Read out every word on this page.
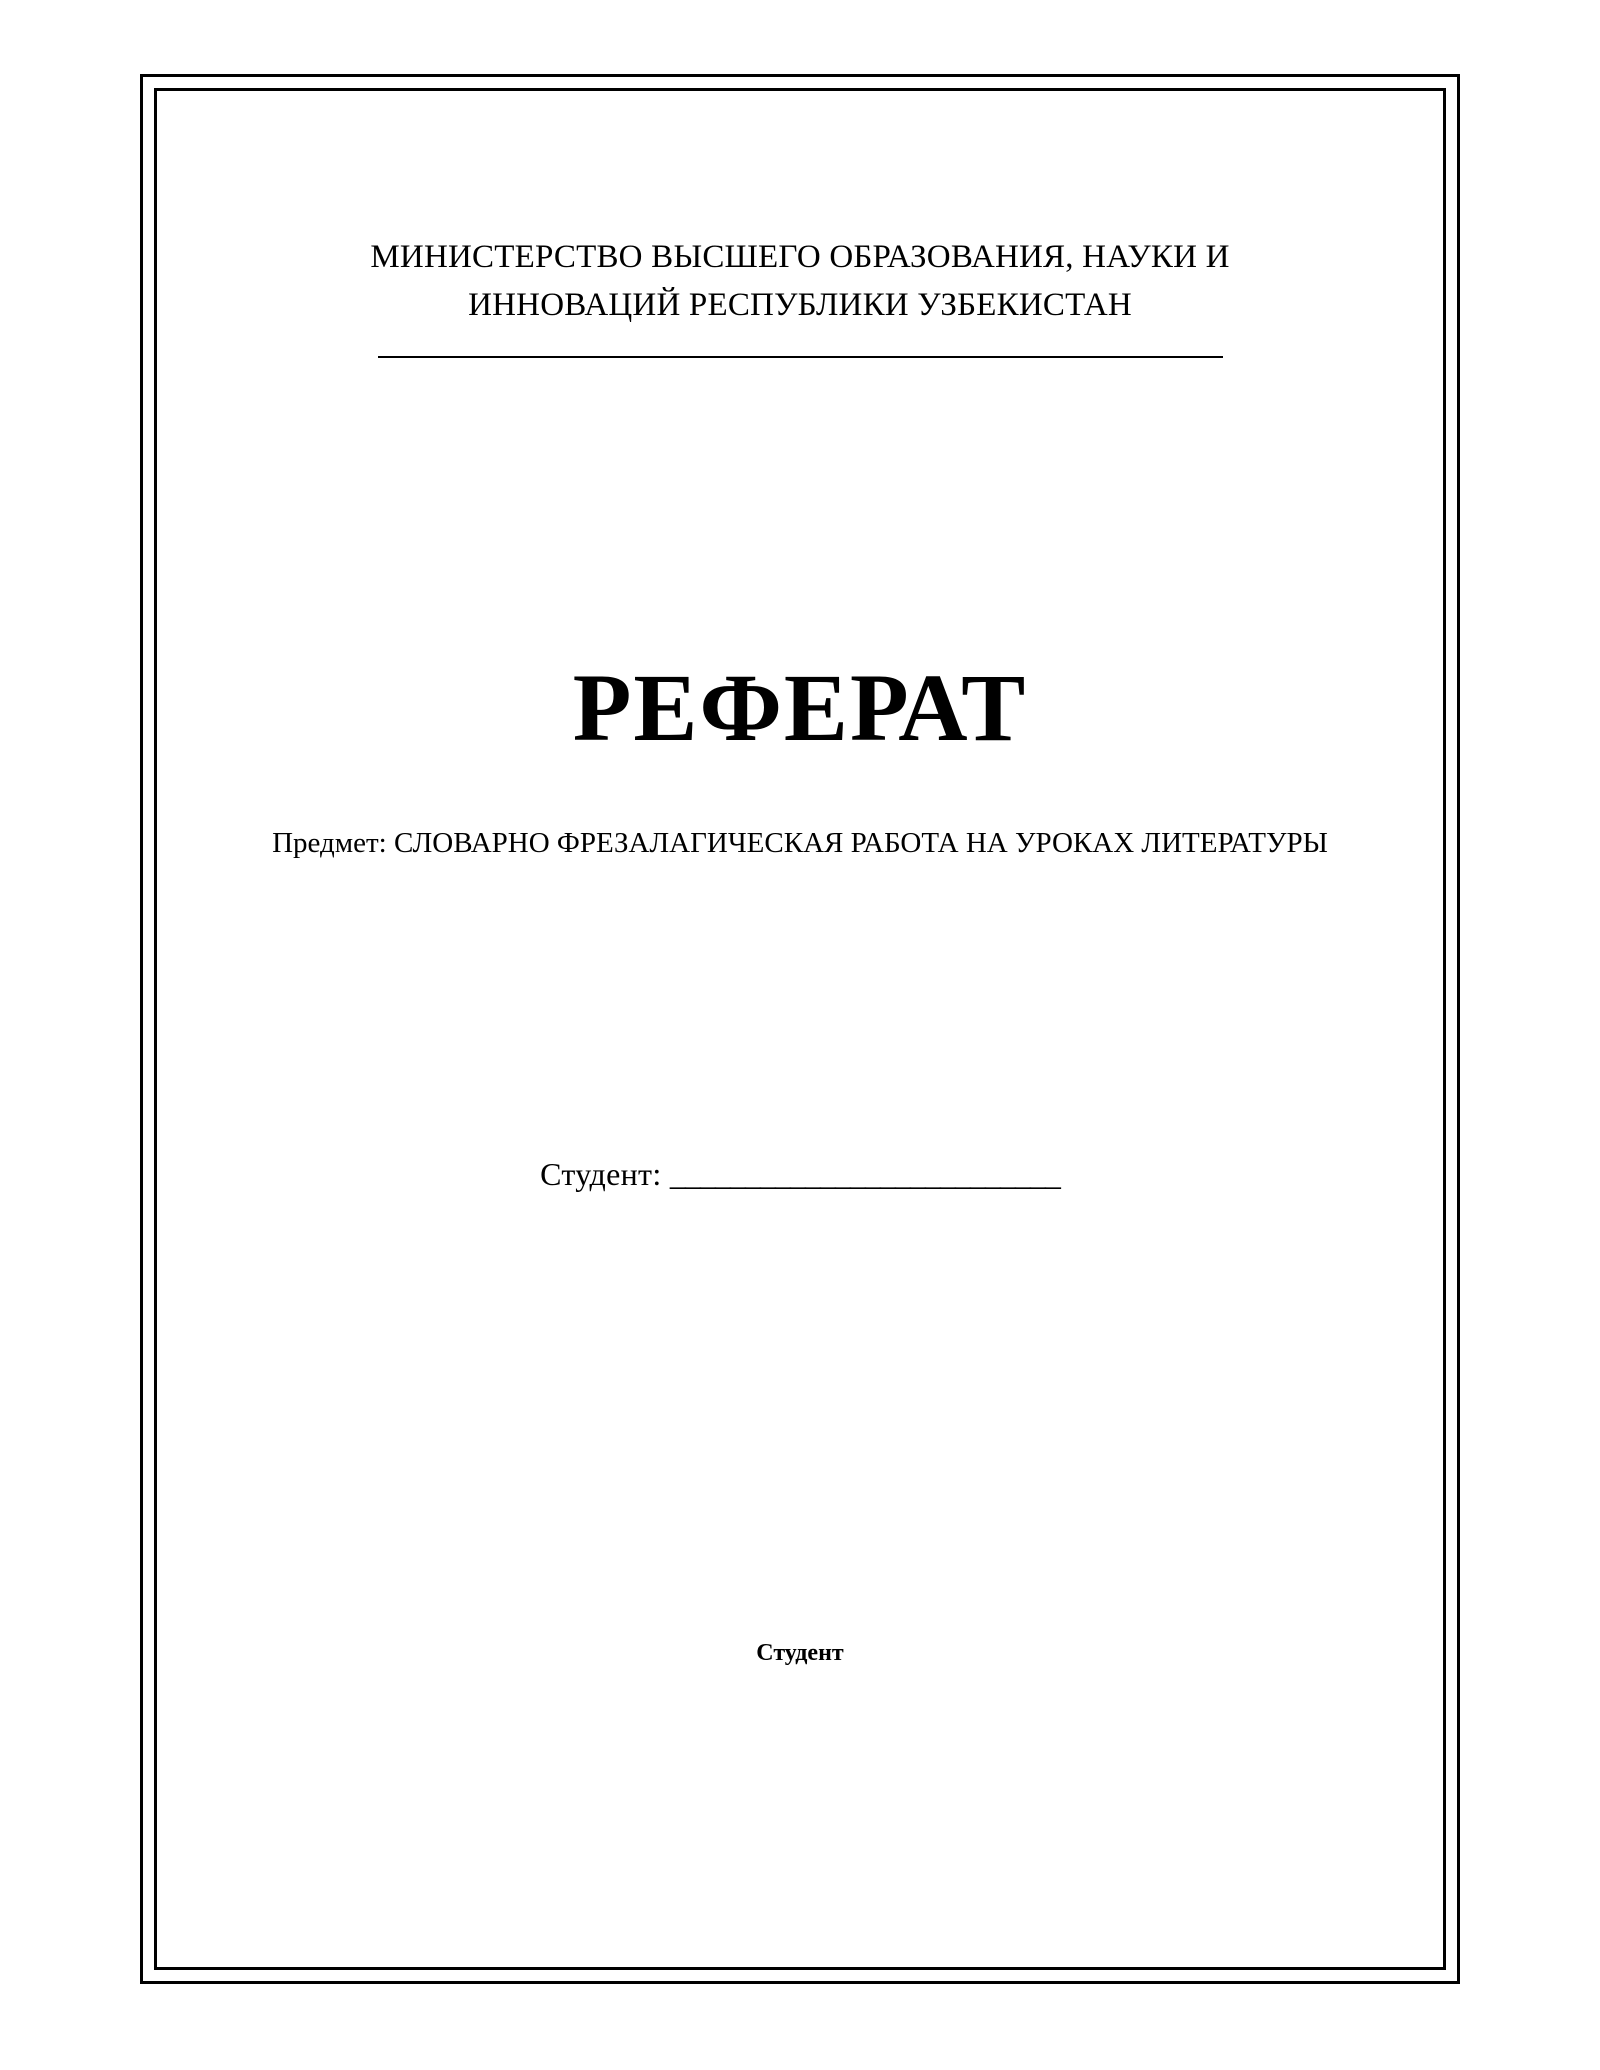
МИНИСТЕРСТВО ВЫСШЕГО ОБРАЗОВАНИЯ, НАУКИ И
ИННОВАЦИЙ РЕСПУБЛИКИ УЗБЕКИСТАН
РЕФЕРАТ
Предмет: СЛОВАРНО ФРЕЗАЛАГИЧЕСКАЯ РАБОТА НА УРОКАХ ЛИТЕРАТУРЫ
Студент: __________________________
Студент
